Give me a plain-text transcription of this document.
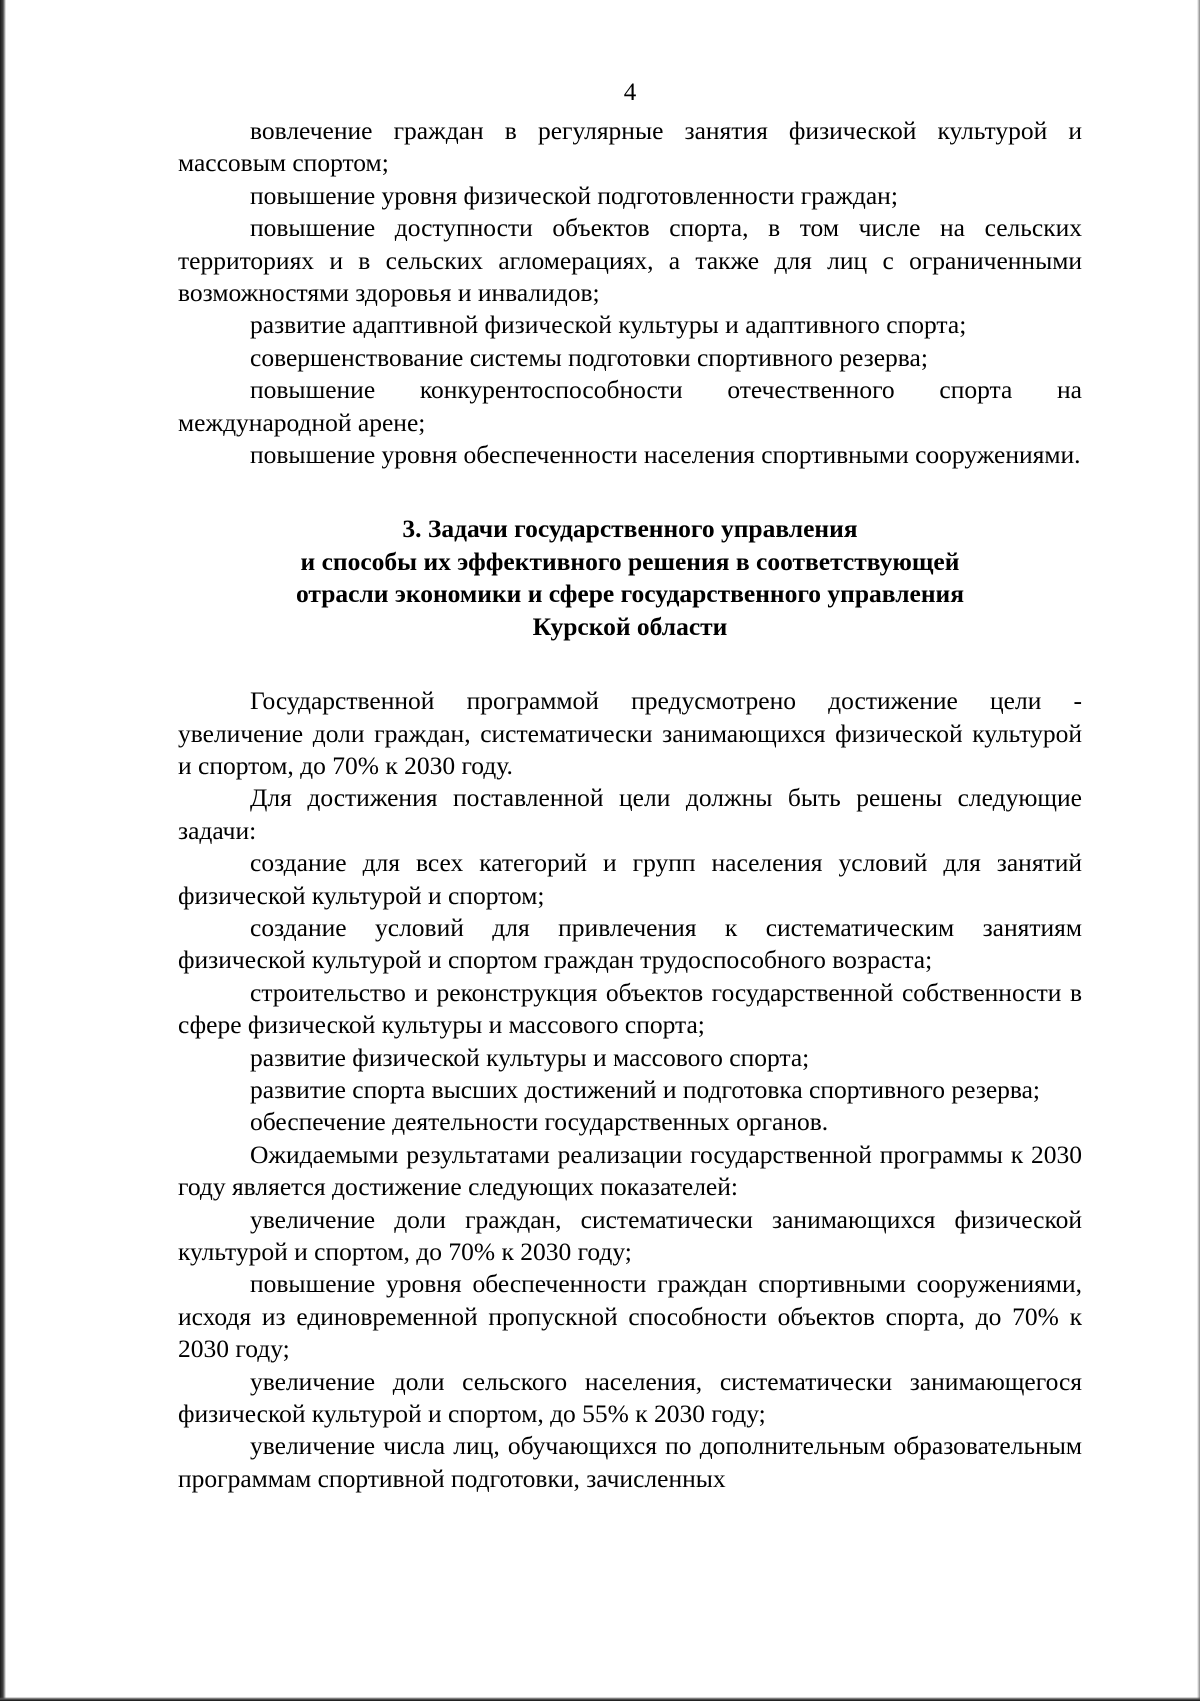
4

вовлечение граждан в регулярные занятия физической культурой и массовым спортом;

повышение уровня физической подготовленности граждан;

повышение доступности объектов спорта, в том числе на сельских территориях и в сельских агломерациях, а также для лиц с ограниченными возможностями здоровья и инвалидов;

развитие адаптивной физической культуры и адаптивного спорта;

совершенствование системы подготовки спортивного резерва;

повышение конкурентоспособности отечественного спорта на международной арене;

повышение уровня обеспеченности населения спортивными сооружениями.

3. Задачи государственного управления

и способы их эффективного решения в соответствующей

отрасли экономики и сфере государственного управления

Курской области

Государственной программой предусмотрено достижение цели - увеличение доли граждан, систематически занимающихся физической культурой и спортом, до 70% к 2030 году.

Для достижения поставленной цели должны быть решены следующие задачи:

создание для всех категорий и групп населения условий для занятий физической культурой и спортом;

создание условий для привлечения к систематическим занятиям физической культурой и спортом граждан трудоспособного возраста;

строительство и реконструкция объектов государственной собственности в сфере физической культуры и массового спорта;

развитие физической культуры и массового спорта;

развитие спорта высших достижений и подготовка спортивного резерва;

обеспечение деятельности государственных органов.

Ожидаемыми результатами реализации государственной программы к 2030 году является достижение следующих показателей:

увеличение доли граждан, систематически занимающихся физической культурой и спортом, до 70% к 2030 году;

повышение уровня обеспеченности граждан спортивными сооружениями, исходя из единовременной пропускной способности объектов спорта, до 70% к 2030 году;

увеличение доли сельского населения, систематически занимающегося физической культурой и спортом, до 55% к 2030 году;

увеличение числа лиц, обучающихся по дополнительным образовательным программам спортивной подготовки, зачисленных
